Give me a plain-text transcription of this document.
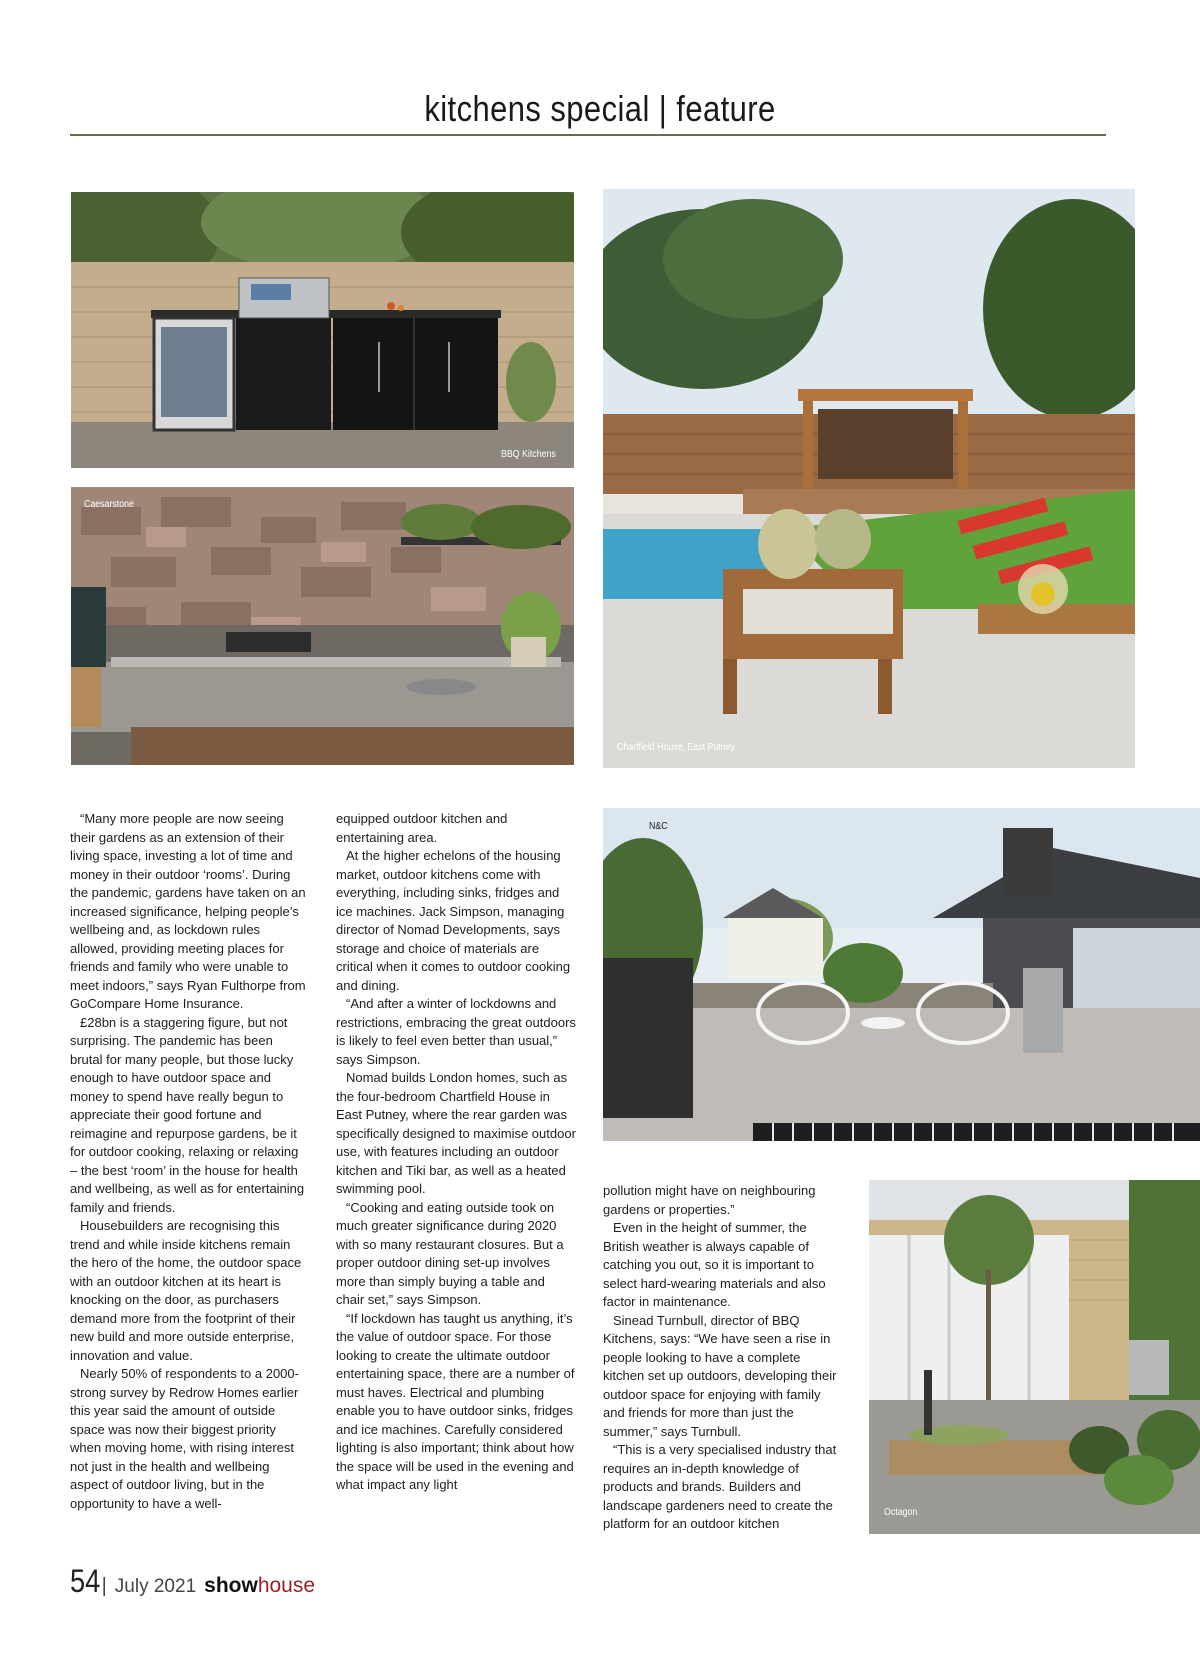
kitchens special | feature
BBQ Kitchens
Caesarstone
Chartfield House, East Putney
N&C
Octagon

“Many more people are now seeing their gardens as an extension of their living space, investing a lot of time and money in their outdoor ‘rooms’. During the pandemic, gardens have taken on an increased significance, helping people’s wellbeing and, as lockdown rules allowed, providing meeting places for friends and family who were unable to meet indoors,” says Ryan Fulthorpe from GoCompare Home Insurance.

£28bn is a staggering figure, but not surprising. The pandemic has been brutal for many people, but those lucky enough to have outdoor space and money to spend have really begun to appreciate their good fortune and reimagine and repurpose gardens, be it for outdoor cooking, relaxing or relaxing – the best ‘room’ in the house for health and wellbeing, as well as for entertaining family and friends.

Housebuilders are recognising this trend and while inside kitchens remain the hero of the home, the outdoor space with an outdoor kitchen at its heart is knocking on the door, as purchasers demand more from the footprint of their new build and more outside enterprise, innovation and value.

Nearly 50% of respondents to a 2000-strong survey by Redrow Homes earlier this year said the amount of outside space was now their biggest priority when moving home, with rising interest not just in the health and wellbeing aspect of outdoor living, but in the opportunity to have a well-

equipped outdoor kitchen and entertaining area.

At the higher echelons of the housing market, outdoor kitchens come with everything, including sinks, fridges and ice machines. Jack Simpson, managing director of Nomad Developments, says storage and choice of materials are critical when it comes to outdoor cooking and dining.

“And after a winter of lockdowns and restrictions, embracing the great outdoors is likely to feel even better than usual,” says Simpson.

Nomad builds London homes, such as the four-bedroom Chartfield House in East Putney, where the rear garden was specifically designed to maximise outdoor use, with features including an outdoor kitchen and Tiki bar, as well as a heated swimming pool.

“Cooking and eating outside took on much greater significance during 2020 with so many restaurant closures. But a proper outdoor dining set-up involves more than simply buying a table and chair set,” says Simpson.

“If lockdown has taught us anything, it’s the value of outdoor space. For those looking to create the ultimate outdoor entertaining space, there are a number of must haves. Electrical and plumbing enable you to have outdoor sinks, fridges and ice machines. Carefully considered lighting is also important; think about how the space will be used in the evening and what impact any light

pollution might have on neighbouring gardens or properties.”

Even in the height of summer, the British weather is always capable of catching you out, so it is important to select hard-wearing materials and also factor in maintenance.

Sinead Turnbull, director of BBQ Kitchens, says: “We have seen a rise in people looking to have a complete kitchen set up outdoors, developing their outdoor space for enjoying with family and friends for more than just the summer,” says Turnbull.

“This is a very specialised industry that requires an in-depth knowledge of products and brands. Builders and landscape gardeners need to create the platform for an outdoor kitchen

54 | July 2021 showhouse
